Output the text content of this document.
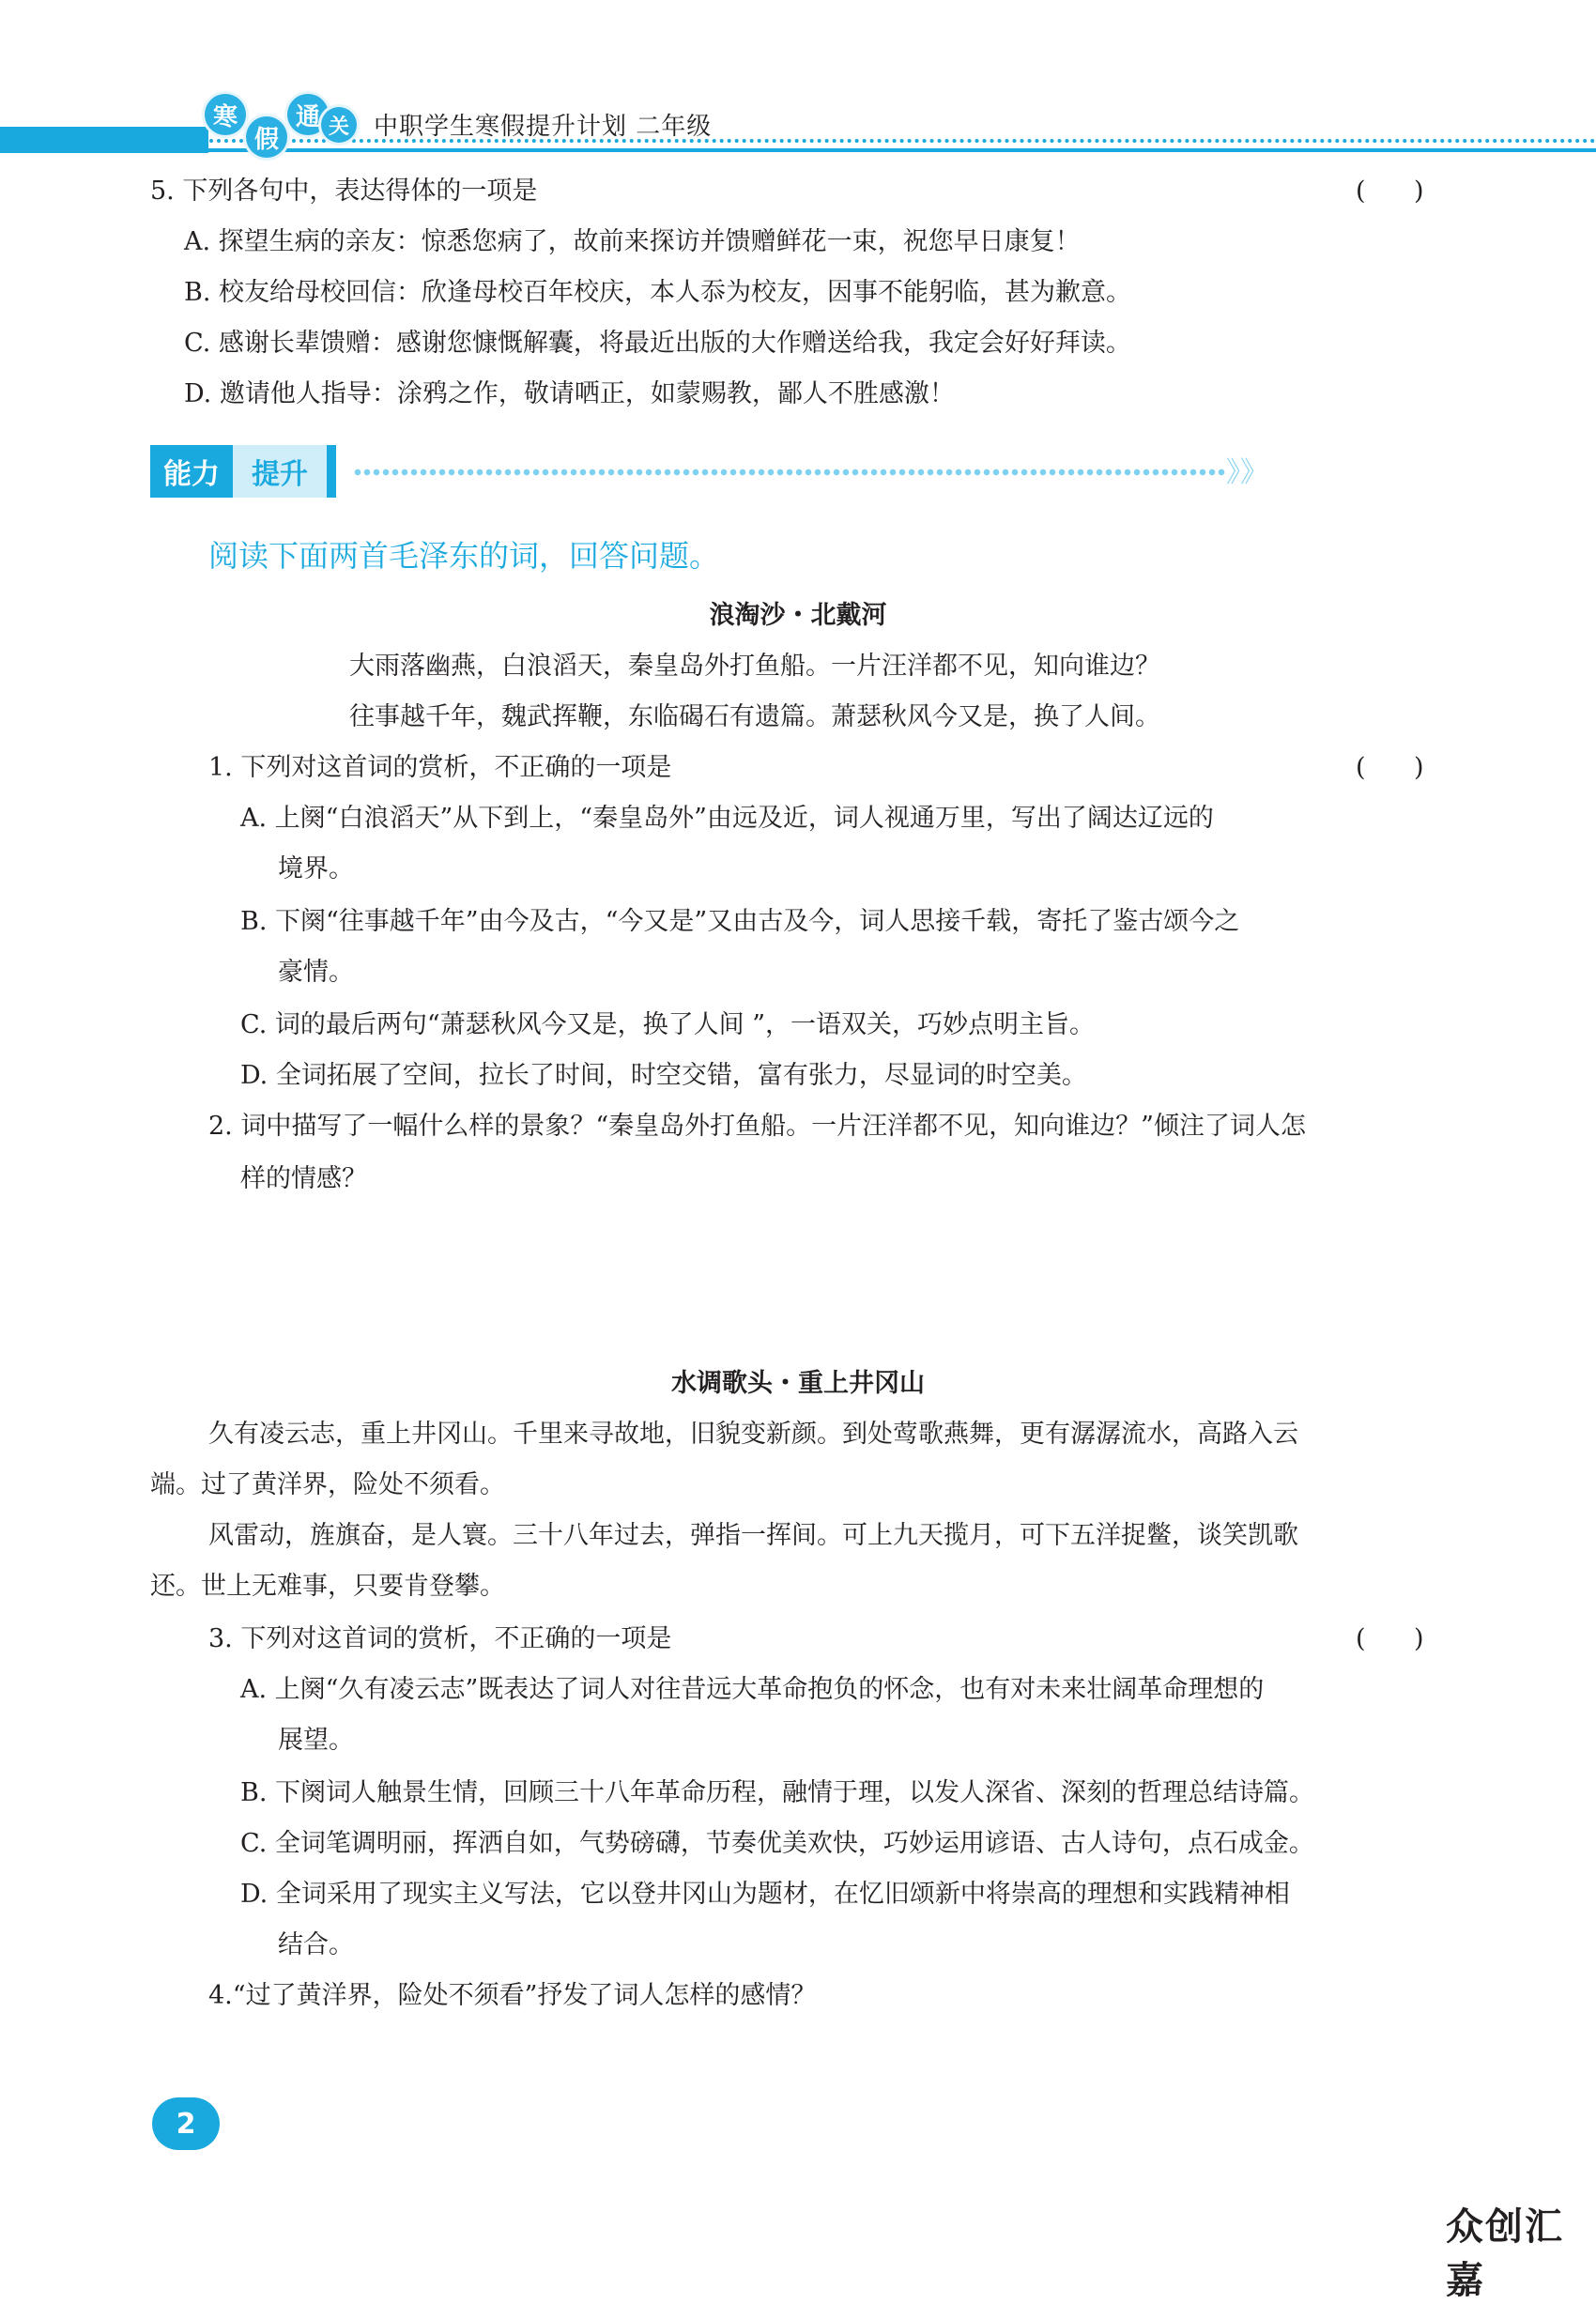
寒
假
通 关	中职学生寒假提升计划 二年级
5. 下列各句中，表达得体的一项是	(      )
A. 探望生病的亲友：惊悉您病了，故前来探访并馈赠鲜花一束，祝您早日康复！
B. 校友给母校回信：欣逢母校百年校庆，本人忝为校友，因事不能躬临，甚为歉意。
C. 感谢长辈馈赠：感谢您慷慨解囊，将最近出版的大作赠送给我，我定会好好拜读。
D. 邀请他人指导：涂鸦之作，敬请哂正，如蒙赐教，鄙人不胜感激！
能力	提升	》》
阅读下面两首毛泽东的词，回答问题。
浪淘沙・北戴河
大雨落幽燕，白浪滔天，秦皇岛外打鱼船。一片汪洋都不见，知向谁边？
往事越千年，魏武挥鞭，东临碣石有遗篇。萧瑟秋风今又是，换了人间。
1. 下列对这首词的赏析，不正确的一项是	(      )
A. 上阕“白浪滔天”从下到上，“秦皇岛外”由远及近，词人视通万里，写出了阔达辽远的
境界。
B. 下阕“往事越千年”由今及古，“今又是”又由古及今，词人思接千载，寄托了鉴古颂今之
豪情。
C. 词的最后两句“萧瑟秋风今又是，换了人间 ”，一语双关，巧妙点明主旨。
D. 全词拓展了空间，拉长了时间，时空交错，富有张力，尽显词的时空美。
2. 词中描写了一幅什么样的景象？“秦皇岛外打鱼船。一片汪洋都不见，知向谁边？”倾注了词人怎
样的情感？
水调歌头・重上井冈山
久有凌云志，重上井冈山。千里来寻故地，旧貌变新颜。到处莺歌燕舞，更有潺潺流水，高路入云
端。过了黄洋界，险处不须看。
风雷动，旌旗奋，是人寰。三十八年过去，弹指一挥间。可上九天揽月，可下五洋捉鳖，谈笑凯歌
还。世上无难事，只要肯登攀。
3. 下列对这首词的赏析，不正确的一项是	(      )
A. 上阕“久有凌云志”既表达了词人对往昔远大革命抱负的怀念，也有对未来壮阔革命理想的
展望。
B. 下阕词人触景生情，回顾三十八年革命历程，融情于理，以发人深省、深刻的哲理总结诗篇。
C. 全词笔调明丽，挥洒自如，气势磅礴，节奏优美欢快，巧妙运用谚语、古人诗句，点石成金。
D. 全词采用了现实主义写法，它以登井冈山为题材，在忆旧颂新中将崇高的理想和实践精神相
结合。
4.“过了黄洋界，险处不须看”抒发了词人怎样的感情？
2
众创汇嘉
